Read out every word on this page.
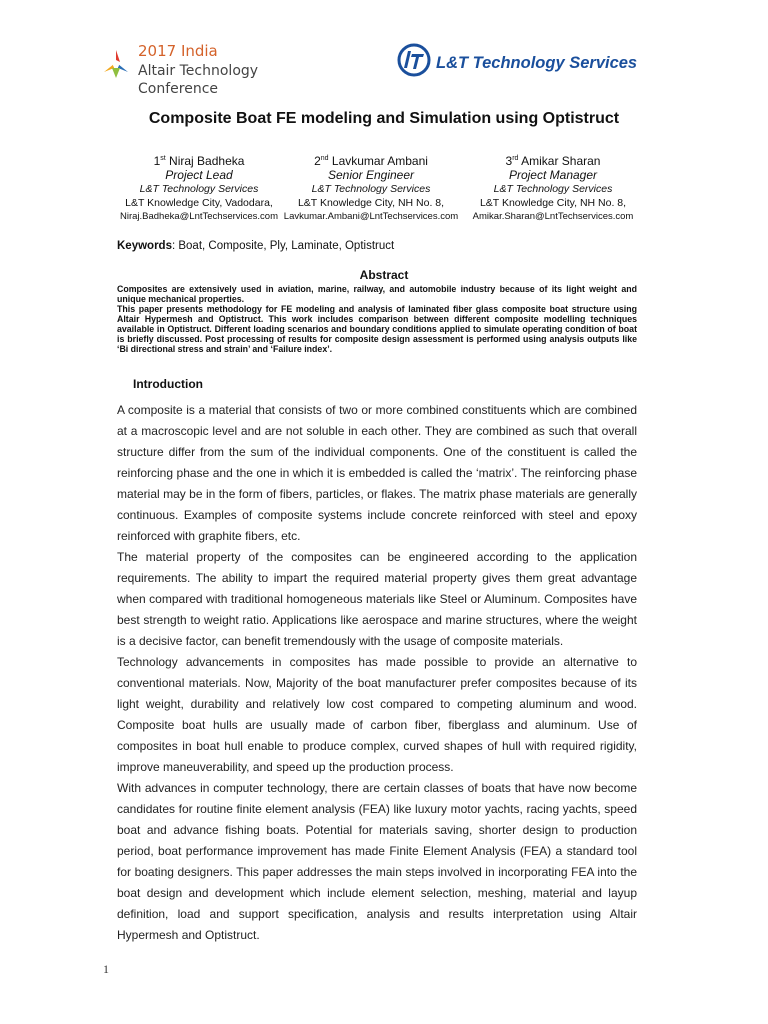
2017 India
Altair Technology Conference
L&T Technology Services
Composite Boat FE modeling and Simulation using Optistruct
1st Niraj Badheka
Project Lead
L&T Technology Services
L&T Knowledge City, Vadodara,
Niraj.Badheka@LntTechservices.com
2nd Lavkumar Ambani
Senior Engineer
L&T Technology Services
L&T Knowledge City, NH No. 8,
Lavkumar.Ambani@LntTechservices.com
3rd Amikar Sharan
Project Manager
L&T Technology Services
L&T Knowledge City, NH No. 8,
Amikar.Sharan@LntTechservices.com
Keywords: Boat, Composite, Ply, Laminate, Optistruct
Abstract

Composites are extensively used in aviation, marine, railway, and automobile industry because of its light weight and unique mechanical properties.

This paper presents methodology for FE modeling and analysis of laminated fiber glass composite boat structure using Altair Hypermesh and Optistruct. This work includes comparison between different composite modelling techniques available in Optistruct. Different loading scenarios and boundary conditions applied to simulate operating condition of boat is briefly discussed. Post processing of results for composite design assessment is performed using analysis outputs like ‘Bi directional stress and strain’ and ‘Failure index’.

Introduction

A composite is a material that consists of two or more combined constituents which are combined at a macroscopic level and are not soluble in each other. They are combined as such that overall structure differ from the sum of the individual components. One of the constituent is called the reinforcing phase and the one in which it is embedded is called the ‘matrix’. The reinforcing phase material may be in the form of fibers, particles, or flakes. The matrix phase materials are generally continuous. Examples of composite systems include concrete reinforced with steel and epoxy reinforced with graphite fibers, etc.

The material property of the composites can be engineered according to the application requirements. The ability to impart the required material property gives them great advantage when compared with traditional homogeneous materials like Steel or Aluminum. Composites have best strength to weight ratio. Applications like aerospace and marine structures, where the weight is a decisive factor, can benefit tremendously with the usage of composite materials.

Technology advancements in composites has made possible to provide an alternative to conventional materials. Now, Majority of the boat manufacturer prefer composites because of its light weight, durability and relatively low cost compared to competing aluminum and wood. Composite boat hulls are usually made of carbon fiber, fiberglass and aluminum. Use of composites in boat hull enable to produce complex, curved shapes of hull with required rigidity, improve maneuverability, and speed up the production process.

With advances in computer technology, there are certain classes of boats that have now become candidates for routine finite element analysis (FEA) like luxury motor yachts, racing yachts, speed boat and advance fishing boats. Potential for materials saving, shorter design to production period, boat performance improvement has made Finite Element Analysis (FEA) a standard tool for boating designers. This paper addresses the main steps involved in incorporating FEA into the boat design and development which include element selection, meshing, material and layup definition, load and support specification, analysis and results interpretation using Altair Hypermesh and Optistruct.

1
